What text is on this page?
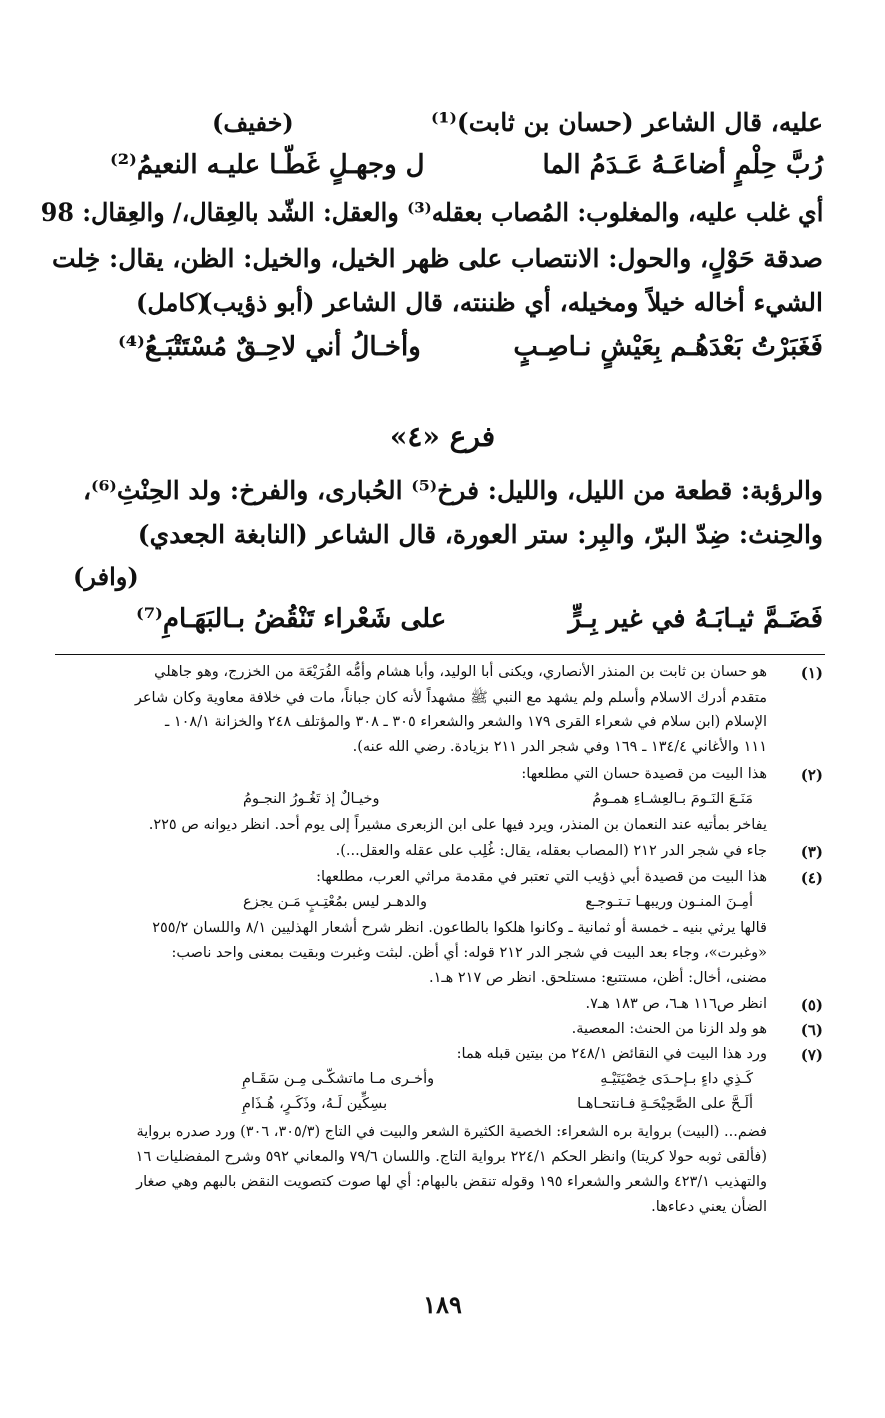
عليه، قال الشاعر (حسان بن ثابت)⁽¹⁾
(خفيف)
رُبَّ حِلْمٍ أضاعَـهُ عَـدَمُ الما
ل وجهـلٍ غَطّـا عليـه النعيمُ⁽²⁾
أي غلب عليه، والمغلوب: المُصاب بعقله⁽³⁾ والعقل: الشّد بالعِقال،/ والعِقال: 98
صدقة حَوْلٍ، والحول: الانتصاب على ظهر الخيل، والخيل: الظن، يقال: خِلت
الشيء أخاله خيلاً ومخيله، أي ظننته، قال الشاعر (أبو ذؤيب)
(كامل)
فَغَبَرْتُ بَعْدَهُـم بِعَيْشٍ نـاصِـبٍ
وأخـالُ أني لاحِـقٌ مُسْتَتْبَـعُ⁽⁴⁾
فرع «٤»
والرؤبة: قطعة من الليل، والليل: فرخ⁽⁵⁾ الحُبارى، والفرخ: ولد الحِنْثِ⁽⁶⁾،
والحِنث: ضِدّ البرّ، والبِر: ستر العورة، قال الشاعر (النابغة الجعدي)
(وافر)
فَضَـمَّ ثيـابَـهُ في غير بِـرٍّ
على شَعْراء تَنْقُضُ بـالبَهَـامِ⁽⁷⁾
(١)
هو حسان بن ثابت بن المنذر الأنصاري، ويكنى أبا الوليد، وأبا هشام وأمُّه الفُرَيْعَة من الخزرج، وهو جاهلي
متقدم أدرك الاسلام وأسلم ولم يشهد مع النبي ﷺ مشهداً لأنه كان جباناً، مات في خلافة معاوية وكان شاعر
الإسلام (ابن سلام في شعراء القرى ١٧٩ والشعر والشعراء ٣٠٥ ـ ٣٠٨ والمؤتلف ٢٤٨ والخزانة ١٠٨/١ ـ
١١١ والأغاني ١٣٤/٤ ـ ١٦٩ وفي شجر الدر ٢١١ بزيادة. رضي الله عنه).
(٢)
هذا البيت من قصيدة حسان التي مطلعها:
مَنَـعَ النَـومَ بـالعِشـاءِ همـومُ
وخيـالٌ إذ تَغُـورُ النجـومُ
يفاخر بمأتيه عند النعمان بن المنذر، ويرد فيها على ابن الزبعرى مشيراً إلى يوم أحد. انظر ديوانه ص ٢٢٥.
(٣)
جاء في شجر الدر ٢١٢ (المصاب بعقله، يقال: غُلِب على عقله والعقل...).
(٤)
هذا البيت من قصيدة أبي ذؤيب التي تعتبر في مقدمة مراثي العرب، مطلعها:
أمِـنَ المنـون وريبهـا تـتـوجـع
والدهـر ليس بمُعْتِـبٍ مَـن يجزع
قالها يرثي بنيه ـ خمسة أو ثمانية ـ وكانوا هلكوا بالطاعون. انظر شرح أشعار الهذليين ٨/١ واللسان ٢٥٥/٢
«وغبرت»، وجاء بعد البيت في شجر الدر ٢١٢ قوله: أي أظن. لبثت وغبرت وبقيت بمعنى واحد ناصب:
مضنى، أخال: أظن، مستتبع: مستلحق. انظر ص ٢١٧ هـ١.
(٥)
انظر ص١١٦ هـ٦، ص ١٨٣ هـ٧.
(٦)
هو ولد الزنا من الحنث: المعصية.
(٧)
ورد هذا البيت في النقائض ٢٤٨/١ من بيتين قبله هما:
كَـذِي داءٍ بـإحـدَى خِصْيَتَيْـهِ
وأخـرى مـا ماتشكّـى مِـن سَقَـامِ
ألَـحَّ على الصَّحِيْحَـةِ فـانتحـاهـا
بسِكِّين لَـهُ، وذَكَـرٍ، هُـذَامِ
فضم... (البيت) برواية بره الشعراء: الخصية الكثيرة الشعر والبيت في التاج (٣٠٥/٣، ٣٠٦) ورد صدره برواية
(فألقى ثوبه حولا كريتا) وانظر الحكم ٢٢٤/١ برواية التاج. واللسان ٧٩/٦ والمعاني ٥٩٢ وشرح المفضليات ١٦
والتهذيب ٤٢٣/١ والشعر والشعراء ١٩٥ وقوله تنقض بالبهام: أي لها صوت كتصويت النقض بالبهم وهي صغار
الضأن يعني دعاءها.
١٨٩
